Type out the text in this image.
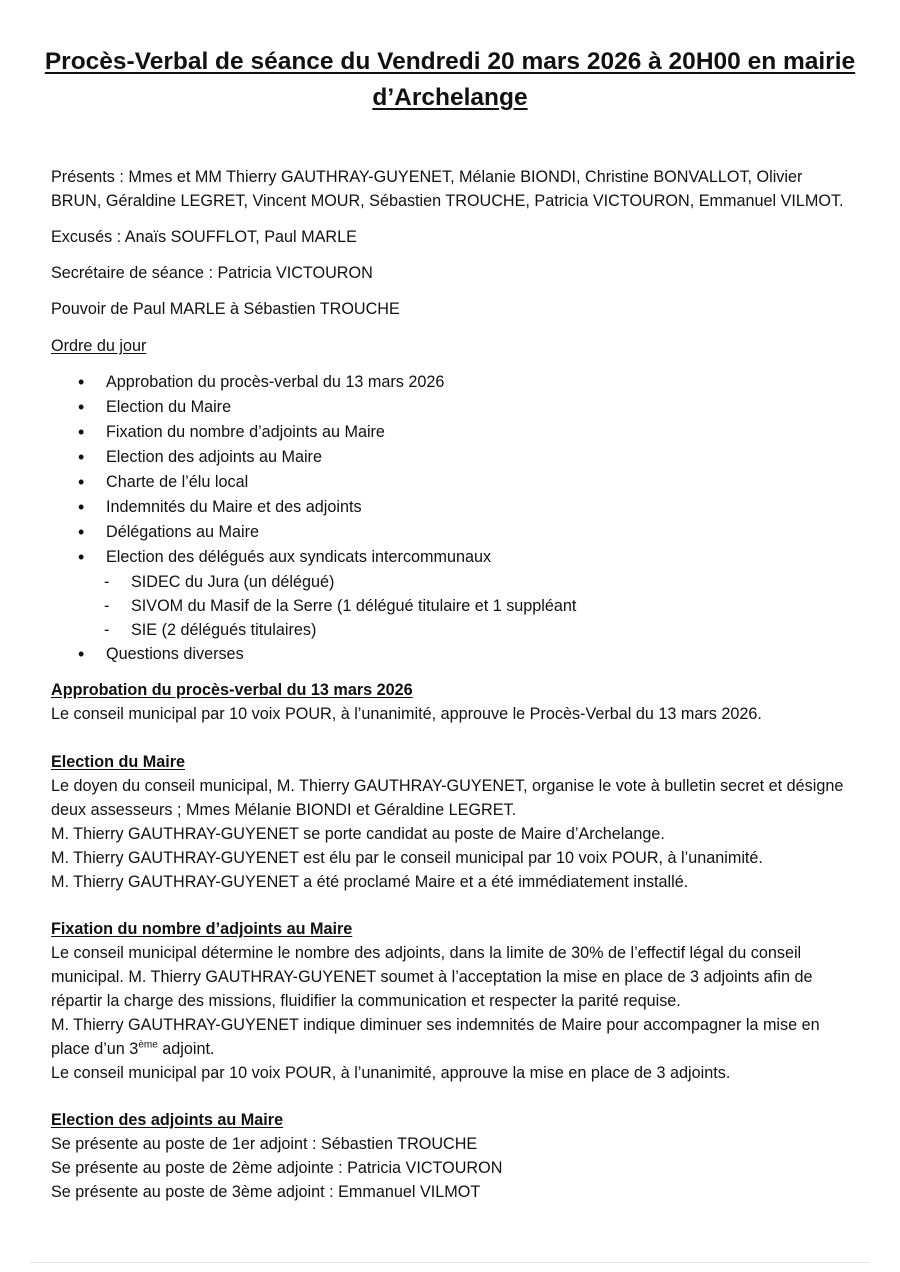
Procès-Verbal de séance du Vendredi 20 mars 2026 à 20H00 en mairie
d’Archelange

Présents : Mmes et MM Thierry GAUTHRAY-GUYENET, Mélanie BIONDI, Christine BONVALLOT, Olivier BRUN, Géraldine LEGRET, Vincent MOUR, Sébastien TROUCHE, Patricia VICTOURON, Emmanuel VILMOT.

Excusés : Anaïs SOUFFLOT, Paul MARLE

Secrétaire de séance : Patricia VICTOURON

Pouvoir de Paul MARLE à Sébastien TROUCHE

Ordre du jour

• Approbation du procès-verbal du 13 mars 2026
• Election du Maire
• Fixation du nombre d’adjoints au Maire
• Election des adjoints au Maire
• Charte de l’élu local
• Indemnités du Maire et des adjoints
• Délégations au Maire
• Election des délégués aux syndicats intercommunaux
- SIDEC du Jura (un délégué)
- SIVOM du Masif de la Serre (1 délégué titulaire et 1 suppléant
- SIE (2 délégués titulaires)
• Questions diverses

Approbation du procès-verbal du 13 mars 2026

Le conseil municipal par 10 voix POUR, à l’unanimité, approuve le Procès-Verbal du 13 mars 2026.

Election du Maire

Le doyen du conseil municipal, M. Thierry GAUTHRAY-GUYENET, organise le vote à bulletin secret et désigne deux assesseurs ; Mmes Mélanie BIONDI et Géraldine LEGRET.

M. Thierry GAUTHRAY-GUYENET se porte candidat au poste de Maire d’Archelange.

M. Thierry GAUTHRAY-GUYENET est élu par le conseil municipal par 10 voix POUR, à l’unanimité.

M. Thierry GAUTHRAY-GUYENET a été proclamé Maire et a été immédiatement installé.

Fixation du nombre d’adjoints au Maire

Le conseil municipal détermine le nombre des adjoints, dans la limite de 30% de l’effectif légal du conseil municipal. M. Thierry GAUTHRAY-GUYENET soumet à l’acceptation la mise en place de 3 adjoints afin de répartir la charge des missions, fluidifier la communication et respecter la parité requise.

M. Thierry GAUTHRAY-GUYENET indique diminuer ses indemnités de Maire pour accompagner la mise en place d’un 3ème adjoint.

Le conseil municipal par 10 voix POUR, à l’unanimité, approuve la mise en place de 3 adjoints.

Election des adjoints au Maire

Se présente au poste de 1er adjoint : Sébastien TROUCHE

Se présente au poste de 2ème adjointe : Patricia VICTOURON

Se présente au poste de 3ème adjoint : Emmanuel VILMOT
